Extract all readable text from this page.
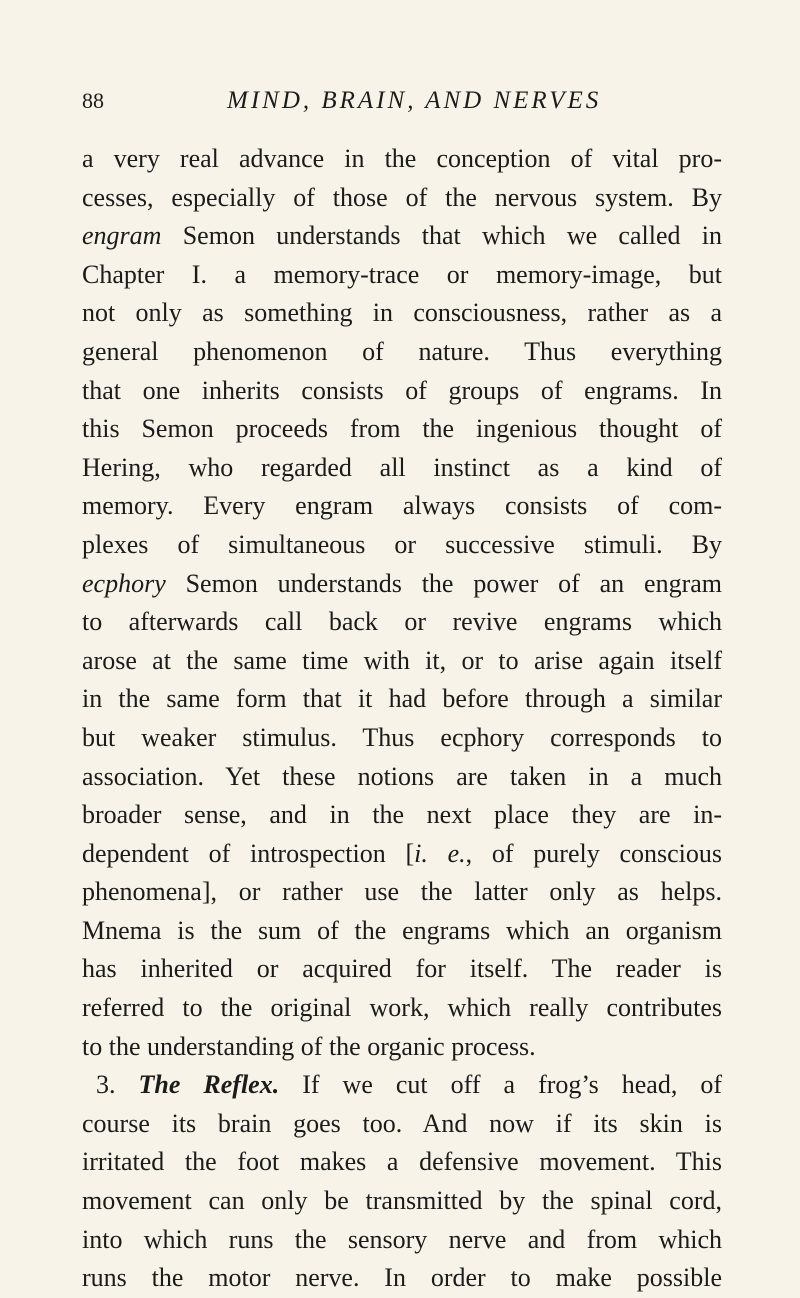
88	MIND, BRAIN, AND NERVES
a very real advance in the conception of vital pro-
cesses, especially of those of the nervous system. By
engram Semon understands that which we called in
Chapter I. a memory-trace or memory-image, but
not only as something in consciousness, rather as a
general phenomenon of nature. Thus everything
that one inherits consists of groups of engrams. In
this Semon proceeds from the ingenious thought of
Hering, who regarded all instinct as a kind of
memory. Every engram always consists of com-
plexes of simultaneous or successive stimuli. By
ecphory Semon understands the power of an engram
to afterwards call back or revive engrams which
arose at the same time with it, or to arise again itself
in the same form that it had before through a similar
but weaker stimulus. Thus ecphory corresponds to
association. Yet these notions are taken in a much
broader sense, and in the next place they are in-
dependent of introspection [i. e., of purely conscious
phenomena], or rather use the latter only as helps.
Mnema is the sum of the engrams which an organism
has inherited or acquired for itself. The reader is
referred to the original work, which really contributes
to the understanding of the organic process.
3. The Reflex. If we cut off a frog’s head, of
course its brain goes too. And now if its skin is
irritated the foot makes a defensive movement. This
movement can only be transmitted by the spinal cord,
into which runs the sensory nerve and from which
runs the motor nerve. In order to make possible
